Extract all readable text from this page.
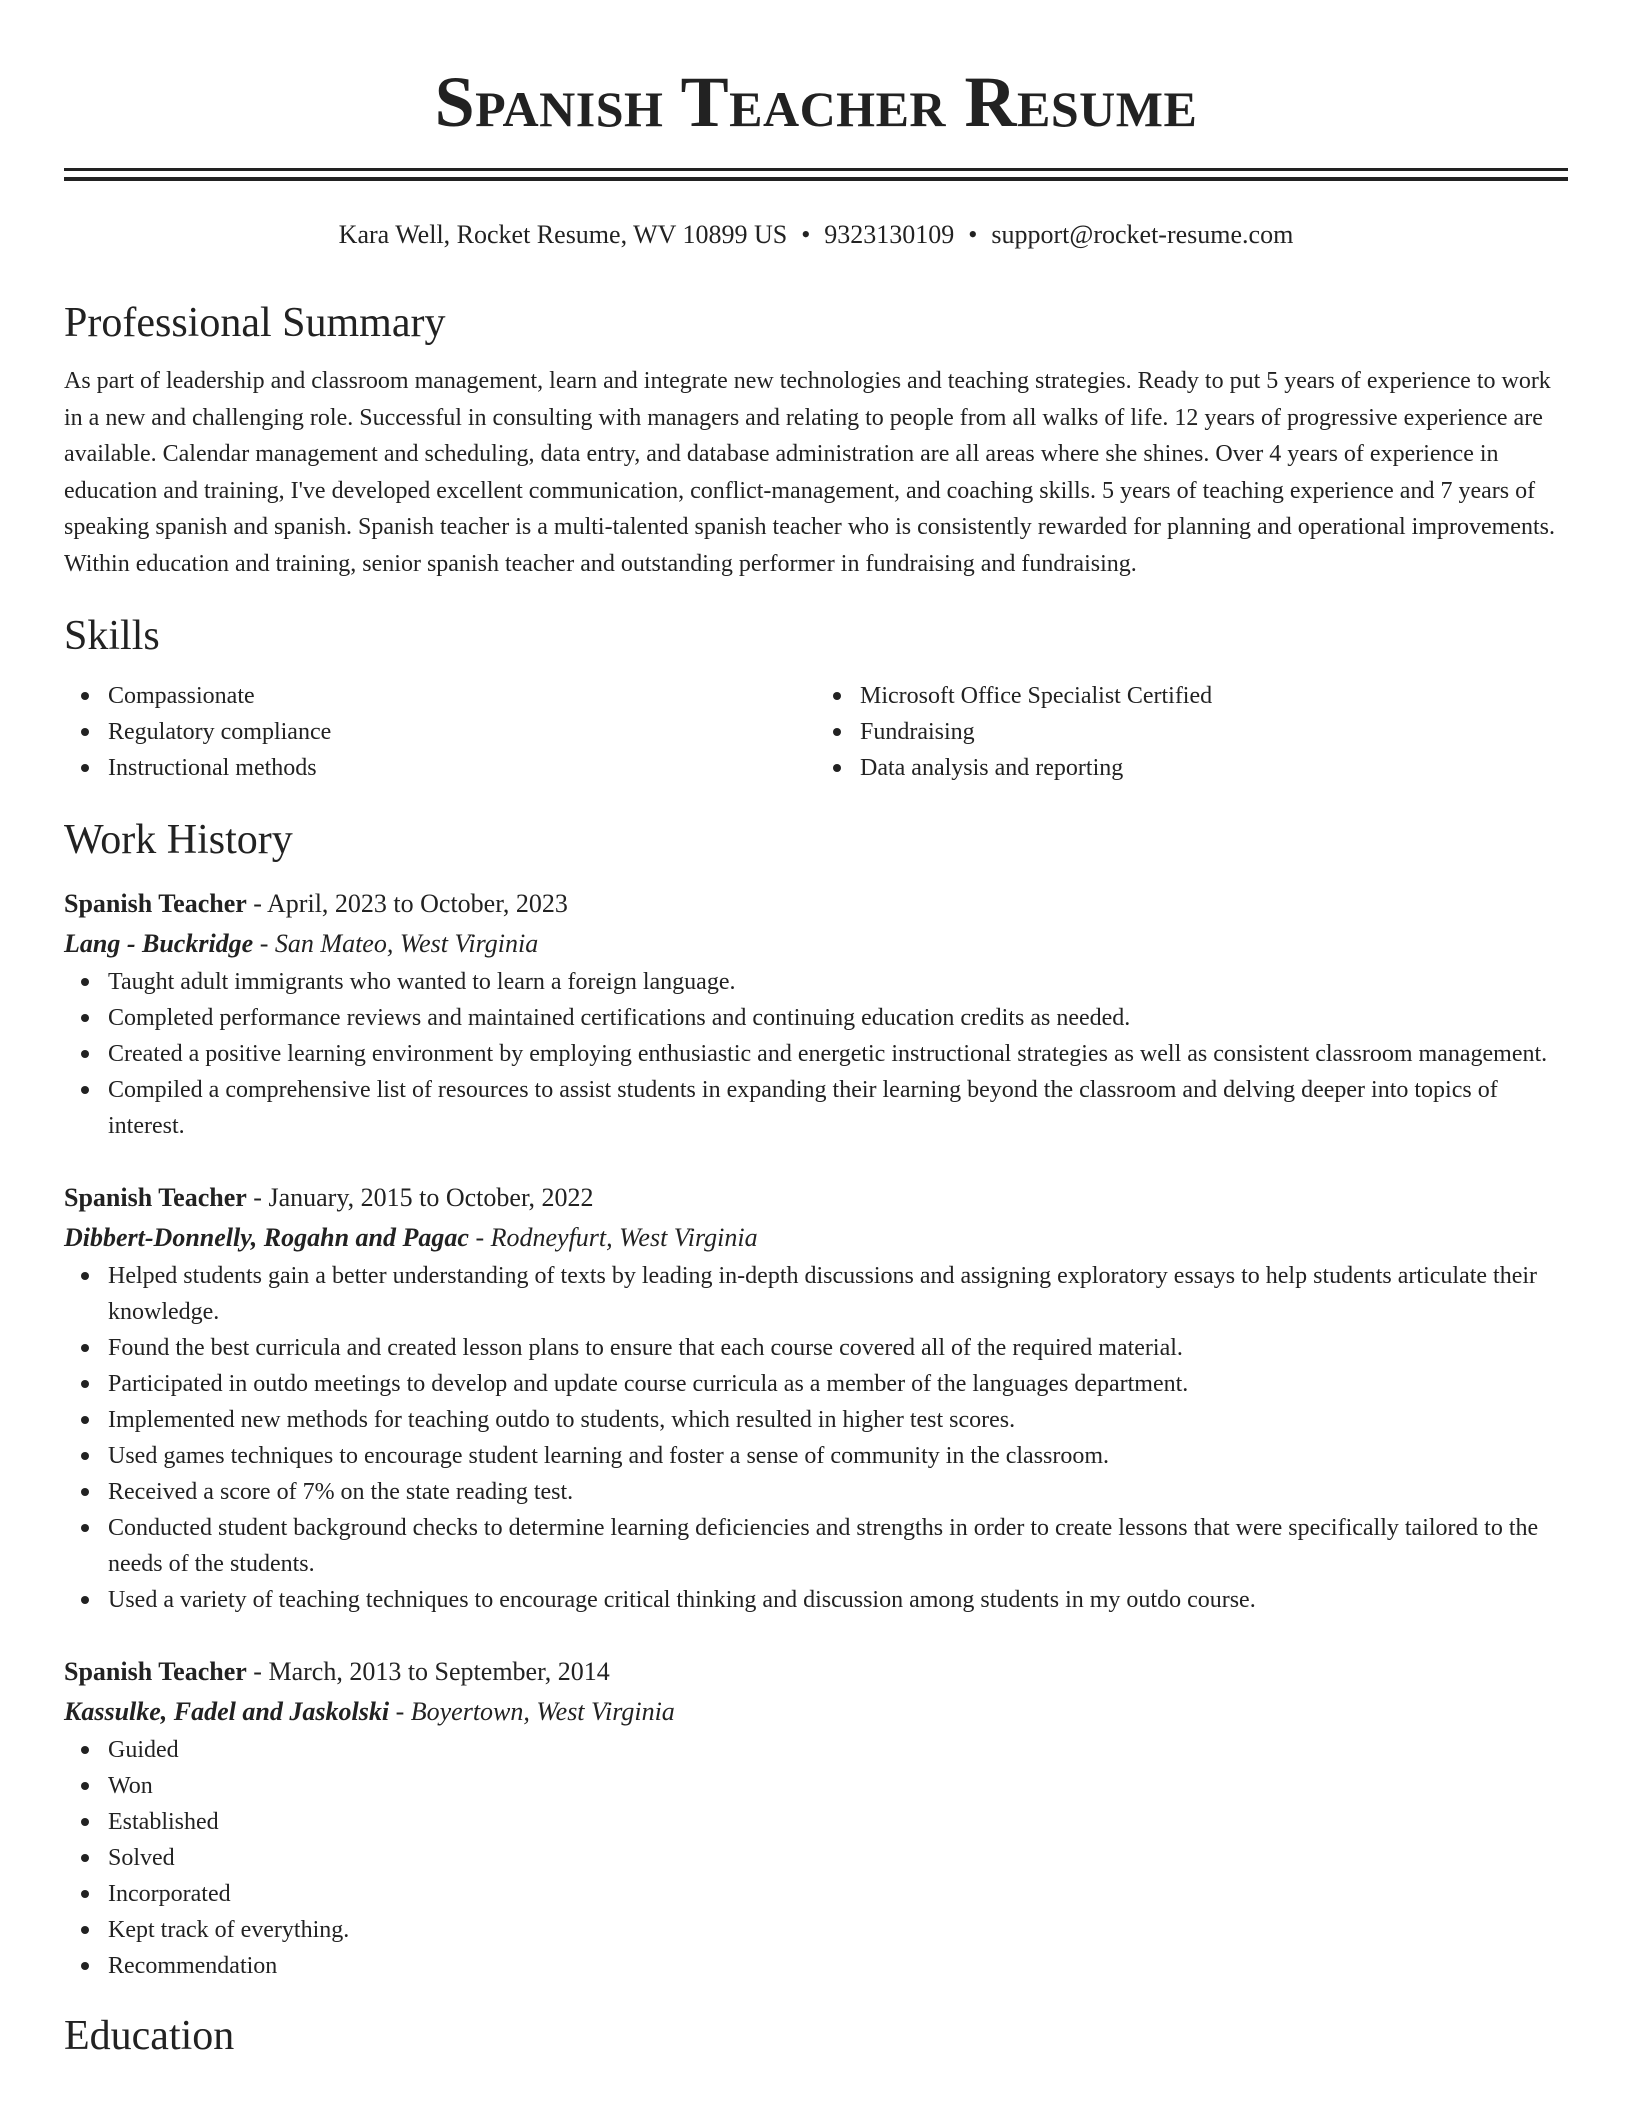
Spanish Teacher Resume
Kara Well, Rocket Resume, WV 10899 US • 9323130109 • support@rocket-resume.com
Professional Summary
As part of leadership and classroom management, learn and integrate new technologies and teaching strategies. Ready to put 5 years of experience to work in a new and challenging role. Successful in consulting with managers and relating to people from all walks of life. 12 years of progressive experience are available. Calendar management and scheduling, data entry, and database administration are all areas where she shines. Over 4 years of experience in education and training, I've developed excellent communication, conflict-management, and coaching skills. 5 years of teaching experience and 7 years of speaking spanish and spanish. Spanish teacher is a multi-talented spanish teacher who is consistently rewarded for planning and operational improvements. Within education and training, senior spanish teacher and outstanding performer in fundraising and fundraising.
Skills
Compassionate
Regulatory compliance
Instructional methods
Microsoft Office Specialist Certified
Fundraising
Data analysis and reporting
Work History
Spanish Teacher - April, 2023 to October, 2023
Lang - Buckridge - San Mateo, West Virginia
Taught adult immigrants who wanted to learn a foreign language.
Completed performance reviews and maintained certifications and continuing education credits as needed.
Created a positive learning environment by employing enthusiastic and energetic instructional strategies as well as consistent classroom management.
Compiled a comprehensive list of resources to assist students in expanding their learning beyond the classroom and delving deeper into topics of interest.
Spanish Teacher - January, 2015 to October, 2022
Dibbert-Donnelly, Rogahn and Pagac - Rodneyfurt, West Virginia
Helped students gain a better understanding of texts by leading in-depth discussions and assigning exploratory essays to help students articulate their knowledge.
Found the best curricula and created lesson plans to ensure that each course covered all of the required material.
Participated in outdo meetings to develop and update course curricula as a member of the languages department.
Implemented new methods for teaching outdo to students, which resulted in higher test scores.
Used games techniques to encourage student learning and foster a sense of community in the classroom.
Received a score of 7% on the state reading test.
Conducted student background checks to determine learning deficiencies and strengths in order to create lessons that were specifically tailored to the needs of the students.
Used a variety of teaching techniques to encourage critical thinking and discussion among students in my outdo course.
Spanish Teacher - March, 2013 to September, 2014
Kassulke, Fadel and Jaskolski - Boyertown, West Virginia
Guided
Won
Established
Solved
Incorporated
Kept track of everything.
Recommendation
Education
